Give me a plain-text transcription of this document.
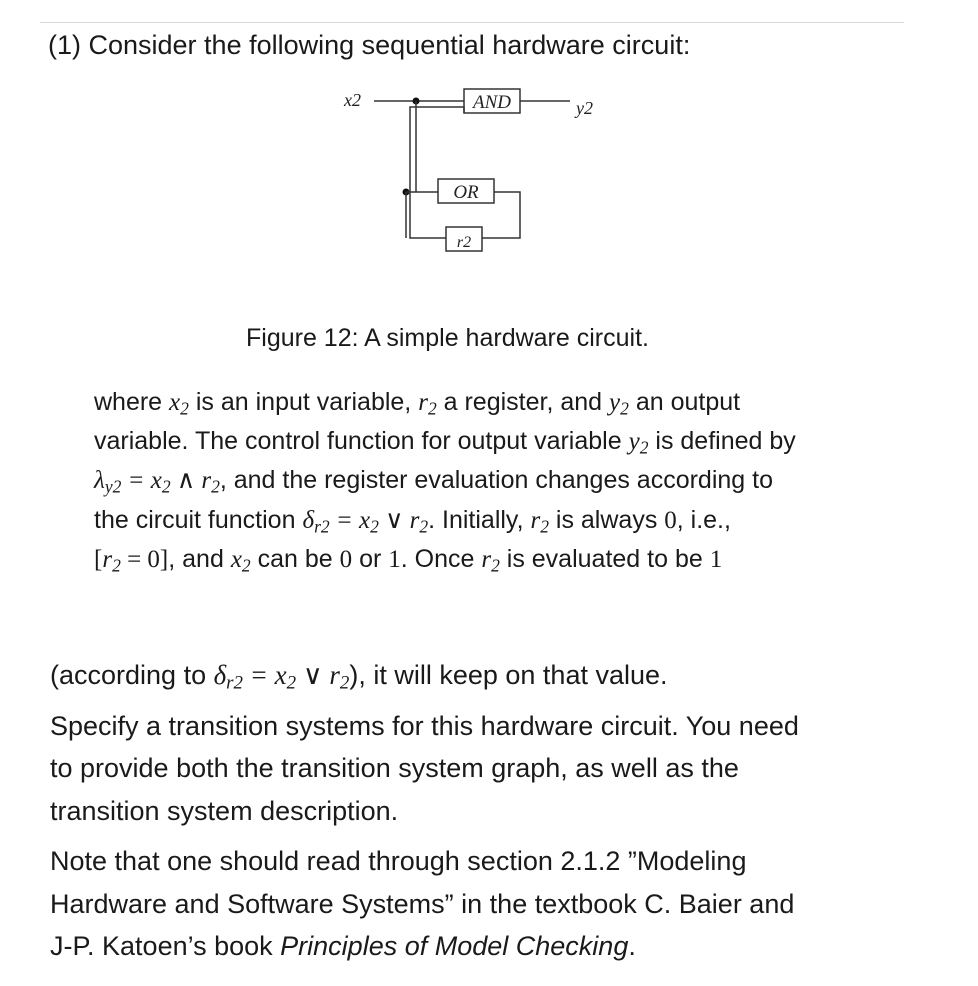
(1) Consider the following sequential hardware circuit:
x2	AND	y2
OR
r2
Figure 12: A simple hardware circuit.
where $x_2$ is an input variable, $r_2$ a register, and $y_2$ an output
variable. The control function for output variable $y_2$ is defined by
$\lambda_{y2} = x_2$ ∧ $r_2$, and the register evaluation changes according to
the circuit function $\delta_{r2} = x_2$ ∨ $r_2$. Initially, $r_2$ is always 0, i.e.,
$[r_2 = 0]$, and $x_2$ can be 0 or 1. Once $r_2$ is evaluated to be 1
(according to $\delta_{r2} = x_2$ ∨ $r_2$), it will keep on that value.
Specify a transition systems for this hardware circuit. You need
to provide both the transition system graph, as well as the
transition system description.
Note that one should read through section 2.1.2 ”Modeling
Hardware and Software Systems” in the textbook C. Baier and
J-P. Katoen’s book Principles of Model Checking.
